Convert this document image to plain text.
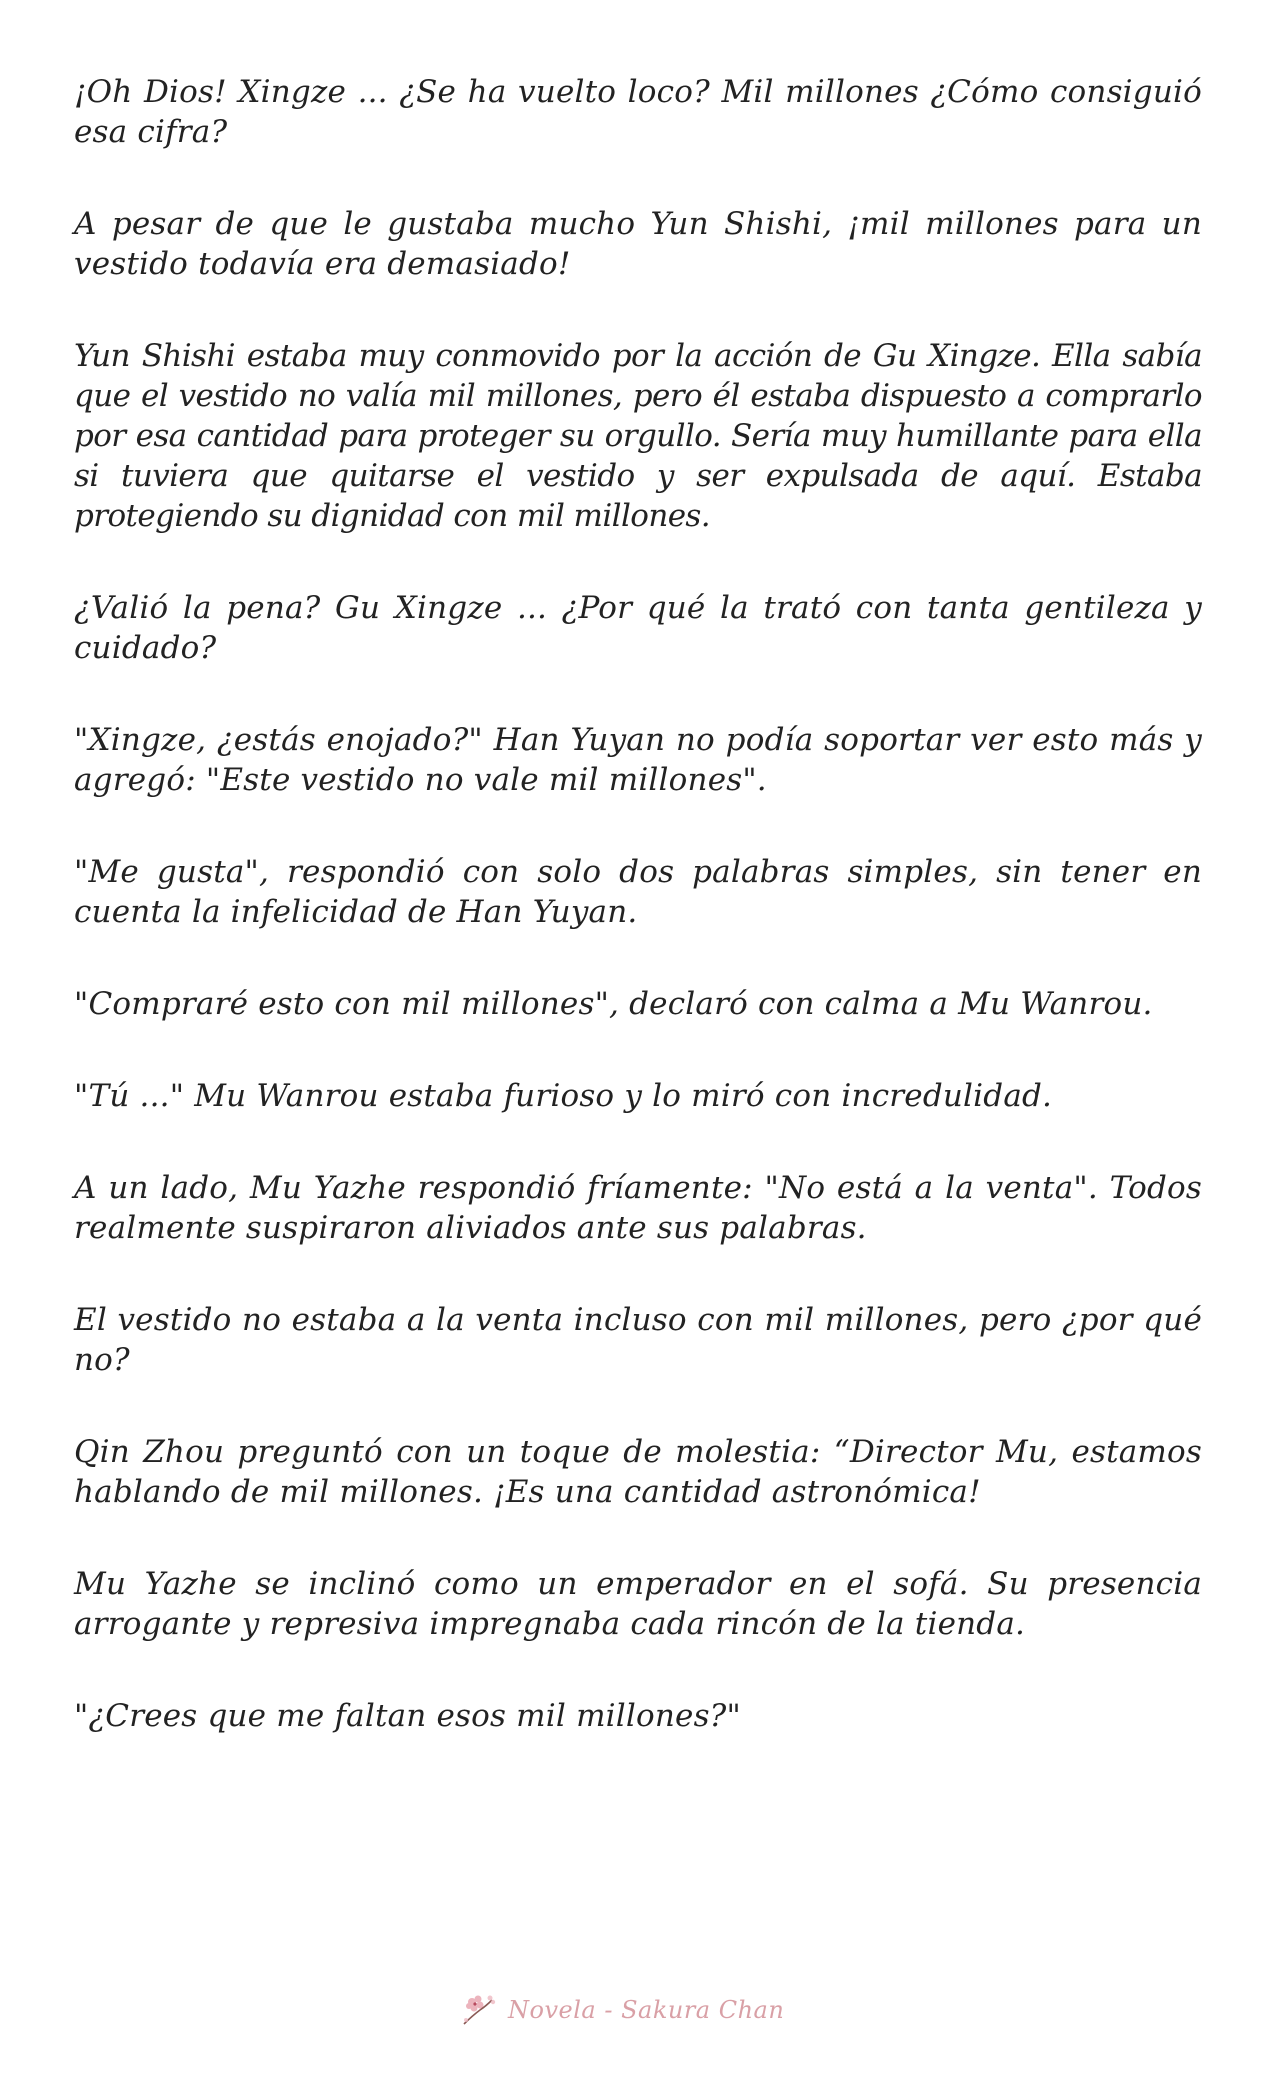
¡Oh Dios! Xingze ... ¿Se ha vuelto loco? Mil millones ¿Cómo consiguió esa cifra?

A pesar de que le gustaba mucho Yun Shishi, ¡mil millones para un vestido todavía era demasiado!

Yun Shishi estaba muy conmovido por la acción de Gu Xingze. Ella sabía que el vestido no valía mil millones, pero él estaba dispuesto a comprarlo por esa cantidad para proteger su orgullo. Sería muy humillante para ella si tuviera que quitarse el vestido y ser expulsada de aquí. Estaba protegiendo su dignidad con mil millones.

¿Valió la pena? Gu Xingze ... ¿Por qué la trató con tanta gentileza y cuidado?

"Xingze, ¿estás enojado?" Han Yuyan no podía soportar ver esto más y agregó: "Este vestido no vale mil millones".

"Me gusta", respondió con solo dos palabras simples, sin tener en cuenta la infelicidad de Han Yuyan.

"Compraré esto con mil millones", declaró con calma a Mu Wanrou.

"Tú ..." Mu Wanrou estaba furioso y lo miró con incredulidad.

A un lado, Mu Yazhe respondió fríamente: "No está a la venta". Todos realmente suspiraron aliviados ante sus palabras.

El vestido no estaba a la venta incluso con mil millones, pero ¿por qué no?

Qin Zhou preguntó con un toque de molestia: “Director Mu, estamos hablando de mil millones. ¡Es una cantidad astronómica!

Mu Yazhe se inclinó como un emperador en el sofá. Su presencia arrogante y represiva impregnaba cada rincón de la tienda.

"¿Crees que me faltan esos mil millones?"

Novela - Sakura Chan
